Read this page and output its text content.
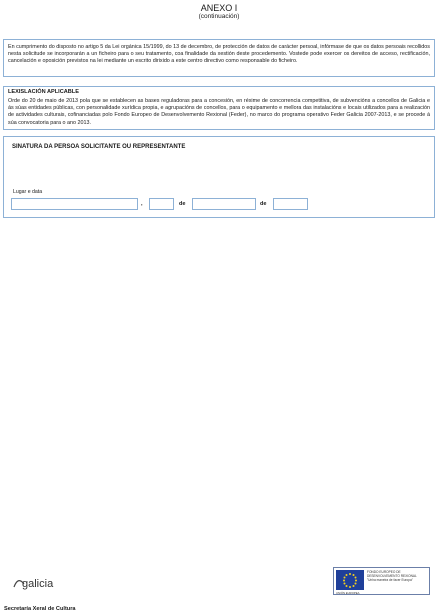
ANEXO I
(continuación)

En cumprimento do disposto no artigo 5 da Lei orgánica 15/1999, do 13 de decembro, de protección de datos de carácter persoal, infórmase de que os datos persoais recollidos nesta solicitude se incorporarán a un ficheiro para o seu tratamento, coa finalidade da xestión deste procedemento. Vostede pode exercer os dereitos de acceso, rectificación, cancelación e oposición previstos na lei mediante un escrito dirixido a este centro directivo como responsable do ficheiro.

LEXISLACIÓN APLICABLE

Orde do 20 de maio de 2013 pola que se establecen as bases reguladoras para a concesión, en réxime de concorrencia competitiva, de subvencións a concellos de Galicia e ás súas entidades públicas, con personalidade xurídica propia, e agrupacións de concellos, para o equipamento e mellora das instalacións e locais utilizados para a realización de actividades culturais, cofinanciadas polo Fondo Europeo de Desenvolvemento Rexional (Feder), no marco do programa operativo Feder Galicia 2007-2013, e se procede á súa convocatoria para o ano 2013.

SINATURA DA PERSOA SOLICITANTE OU REPRESENTANTE
Lugar e data
,	de	de
galicia
FONDO EUROPEO DE
DESENVOLVEMENTO REXIONAL
"Unha maneira de facer Europa"
UNIÓN EUROPEA
Secretaría Xeral de Cultura
